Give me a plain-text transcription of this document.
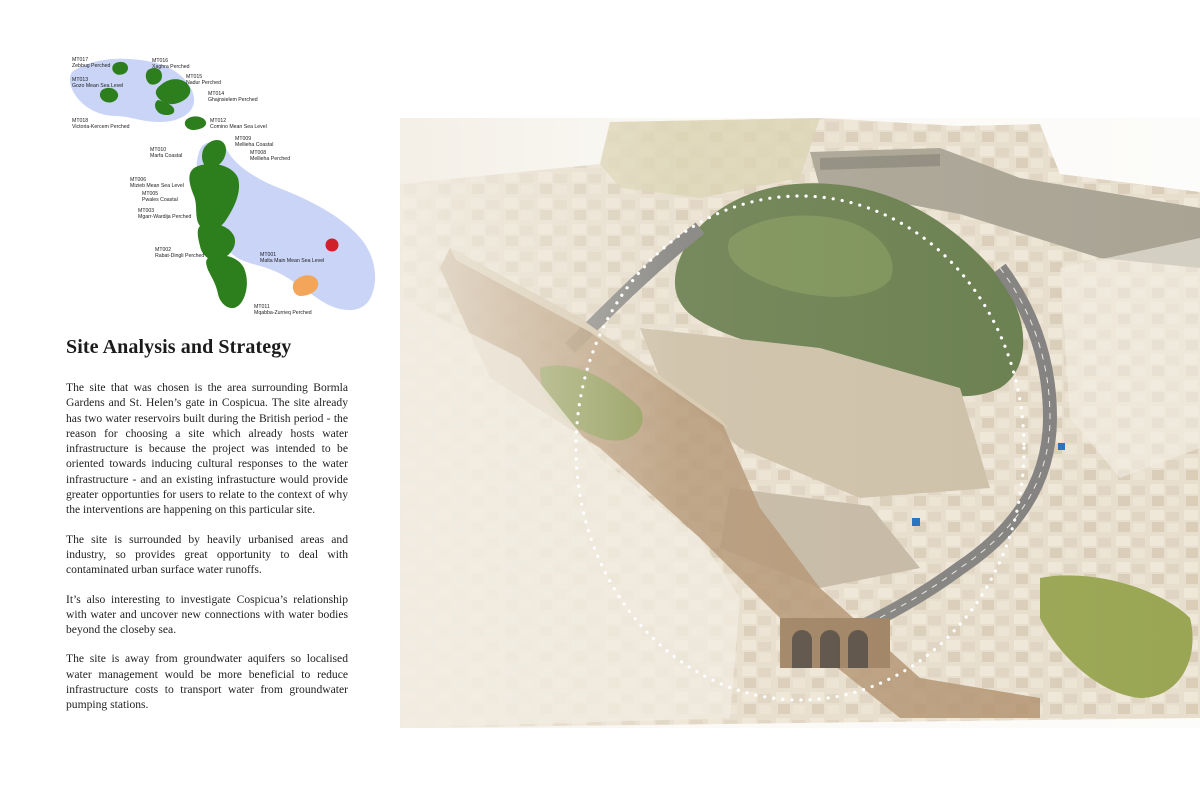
MT017
Zebbug Perched
MT013
Gozo Mean Sea Level
MT016
Xaghra Perched
MT015
Nadur Perched
MT014
Ghajnsielem Perched
MT018
Victoria-Kercem Perched
MT012
Comino Mean Sea Level
MT009
Mellieha Coastal
MT010
Marfa Coastal	MT008
Mellieha Perched
MT006
Mizieb Mean Sea Level
MT005
Pwales Coastal
MT003
Mgarr-Wardija Perched
MT002
Rabat-Dingli Perched	MT001
Malta Main Mean Sea Level
MT011
Mqabba-Zurrieq Perched
Site Analysis and Strategy

The site that was chosen is the area surrounding Bormla Gardens and St. Helen’s gate in Cospicua. The site already has two water reservoirs built during the British period - the reason for choosing a site which already hosts water infrastructure is because the project was intended to be oriented towards inducing cultural responses to the water infrastructure - and an existing infrastucture would provide greater opportunties for users to relate to the context of why the interventions are happening on this particular site.

The site is surrounded by heavily urbanised areas and industry, so provides great opportunity to deal with contaminated urban surface water runoffs.

It’s also interesting to investigate Cospicua’s relationship with water and uncover new connections with water bodies beyond the closeby sea.

The site is away from groundwater aquifers so localised water management would be more beneficial to reduce infrastructure costs to transport water from groundwater pumping stations.
